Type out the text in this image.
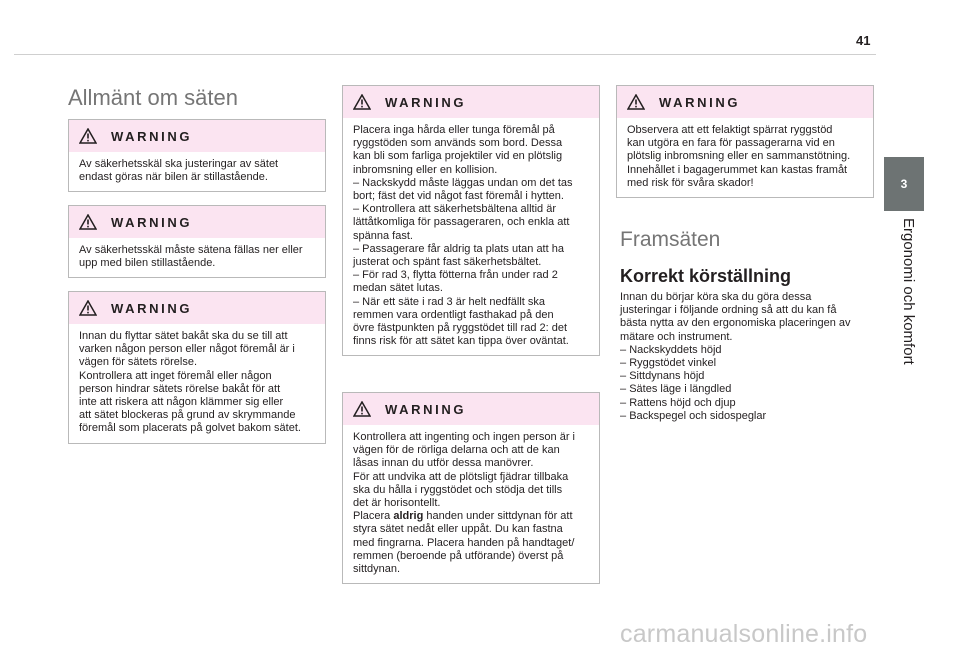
41
3
Ergonomi och komfort
Allmänt om säten
WARNING

Av säkerhetsskäl ska justeringar av sätet

endast göras när bilen är stillastående.

WARNING

Av säkerhetsskäl måste sätena fällas ner eller

upp med bilen stillastående.

WARNING

Innan du flyttar sätet bakåt ska du se till att

varken någon person eller något föremål är i

vägen för sätets rörelse.

Kontrollera att inget föremål eller någon

person hindrar sätets rörelse bakåt för att

inte att riskera att någon klämmer sig eller

att sätet blockeras på grund av skrymmande

föremål som placerats på golvet bakom sätet.

WARNING

Placera inga hårda eller tunga föremål på

ryggstöden som används som bord. Dessa

kan bli som farliga projektiler vid en plötslig

inbromsning eller en kollision.

– Nackskydd måste läggas undan om det tas

bort; fäst det vid något fast föremål i hytten.

– Kontrollera att säkerhetsbältena alltid är

lättåtkomliga för passageraren, och enkla att

spänna fast.

– Passagerare får aldrig ta plats utan att ha

justerat och spänt fast säkerhetsbältet.

– För rad 3, flytta fötterna från under rad 2

medan sätet lutas.

– När ett säte i rad 3 är helt nedfällt ska

remmen vara ordentligt fasthakad på den

övre fästpunkten på ryggstödet till rad 2: det

finns risk för att sätet kan tippa över oväntat.

WARNING

Kontrollera att ingenting och ingen person är i

vägen för de rörliga delarna och att de kan

låsas innan du utför dessa manövrer.

För att undvika att de plötsligt fjädrar tillbaka

ska du hålla i ryggstödet och stödja det tills

det är horisontellt.

Placera aldrig handen under sittdynan för att

styra sätet nedåt eller uppåt. Du kan fastna

med fingrarna. Placera handen på handtaget/

remmen (beroende på utförande) överst på

sittdynan.

WARNING

Observera att ett felaktigt spärrat ryggstöd

kan utgöra en fara för passagerarna vid en

plötslig inbromsning eller en sammanstötning.

Innehållet i bagagerummet kan kastas framåt

med risk för svåra skador!

Framsäten
Korrekt körställning

Innan du börjar köra ska du göra dessa

justeringar i följande ordning så att du kan få

bästa nytta av den ergonomiska placeringen av

mätare och instrument.

– Nackskyddets höjd
– Ryggstödet vinkel
– Sittdynans höjd
– Sätes läge i längdled
– Rattens höjd och djup
– Backspegel och sidospeglar
carmanualsonline.info
